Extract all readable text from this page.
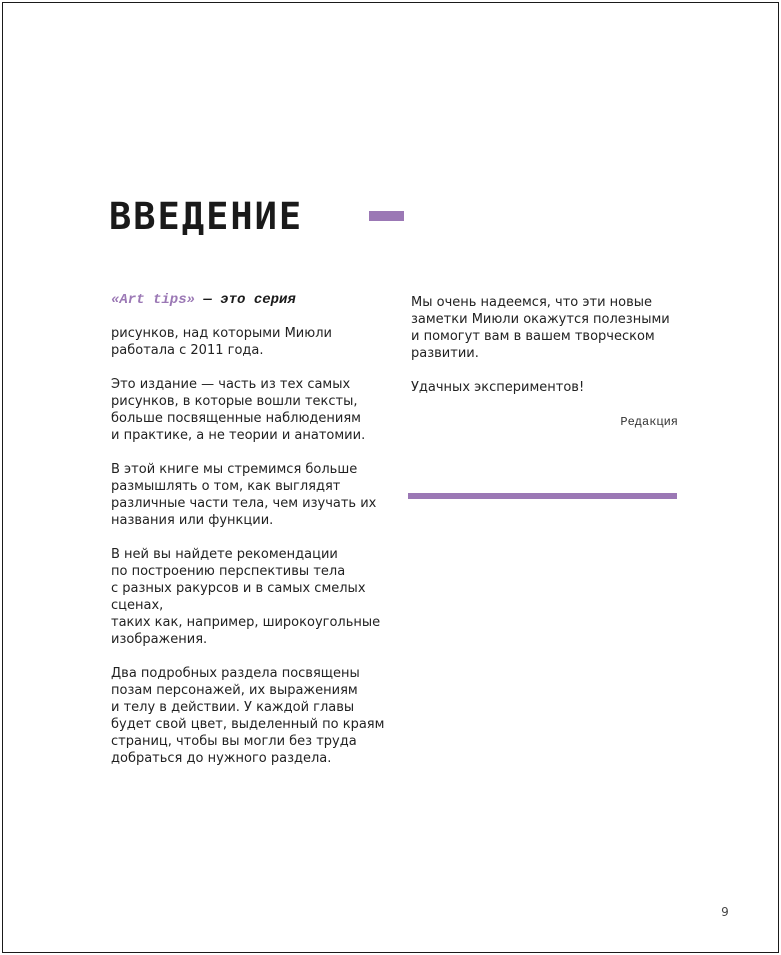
ВВЕДЕНИЕ
«Art tips» — это серия

рисунков, над которыми Миюли
работала с 2011 года.

Это издание — часть из тех самых
рисунков, в которые вошли тексты,
больше посвященные наблюдениям
и практике, а не теории и анатомии.

В этой книге мы стремимся больше
размышлять о том, как выглядят
различные части тела, чем изучать их
названия или функции.

В ней вы найдете рекомендации
по построению перспективы тела
с разных ракурсов и в самых смелых сценах,
таких как, например, широкоугольные
изображения.

Два подробных раздела посвящены
позам персонажей, их выражениям
и телу в действии. У каждой главы
будет свой цвет, выделенный по краям
страниц, чтобы вы могли без труда
добраться до нужного раздела.

Мы очень надеемся, что эти новые
заметки Миюли окажутся полезными
и помогут вам в вашем творческом
развитии.

Удачных экспериментов!

Редакция
9
